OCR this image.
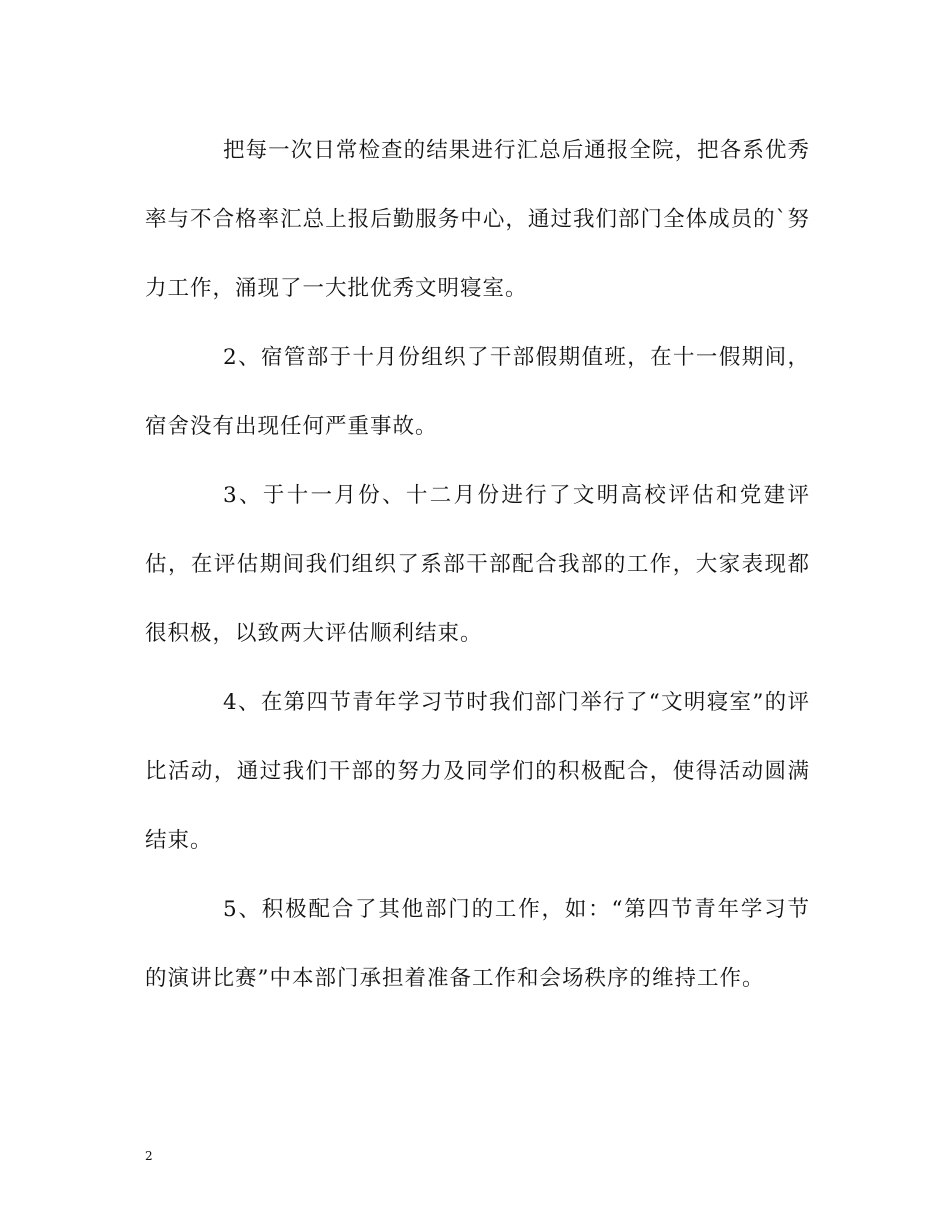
把每一次日常检查的结果进行汇总后通报全院，把各系优秀率与不合格率汇总上报后勤服务中心，通过我们部门全体成员的`努力工作，涌现了一大批优秀文明寝室。

2、宿管部于十月份组织了干部假期值班，在十一假期间，宿舍没有出现任何严重事故。

3、于十一月份、十二月份进行了文明高校评估和党建评估，在评估期间我们组织了系部干部配合我部的工作，大家表现都很积极，以致两大评估顺利结束。

4、在第四节青年学习节时我们部门举行了“文明寝室”的评比活动，通过我们干部的努力及同学们的积极配合，使得活动圆满结束。

5、积极配合了其他部门的工作，如：“第四节青年学习节的演讲比赛”中本部门承担着准备工作和会场秩序的维持工作。

2
